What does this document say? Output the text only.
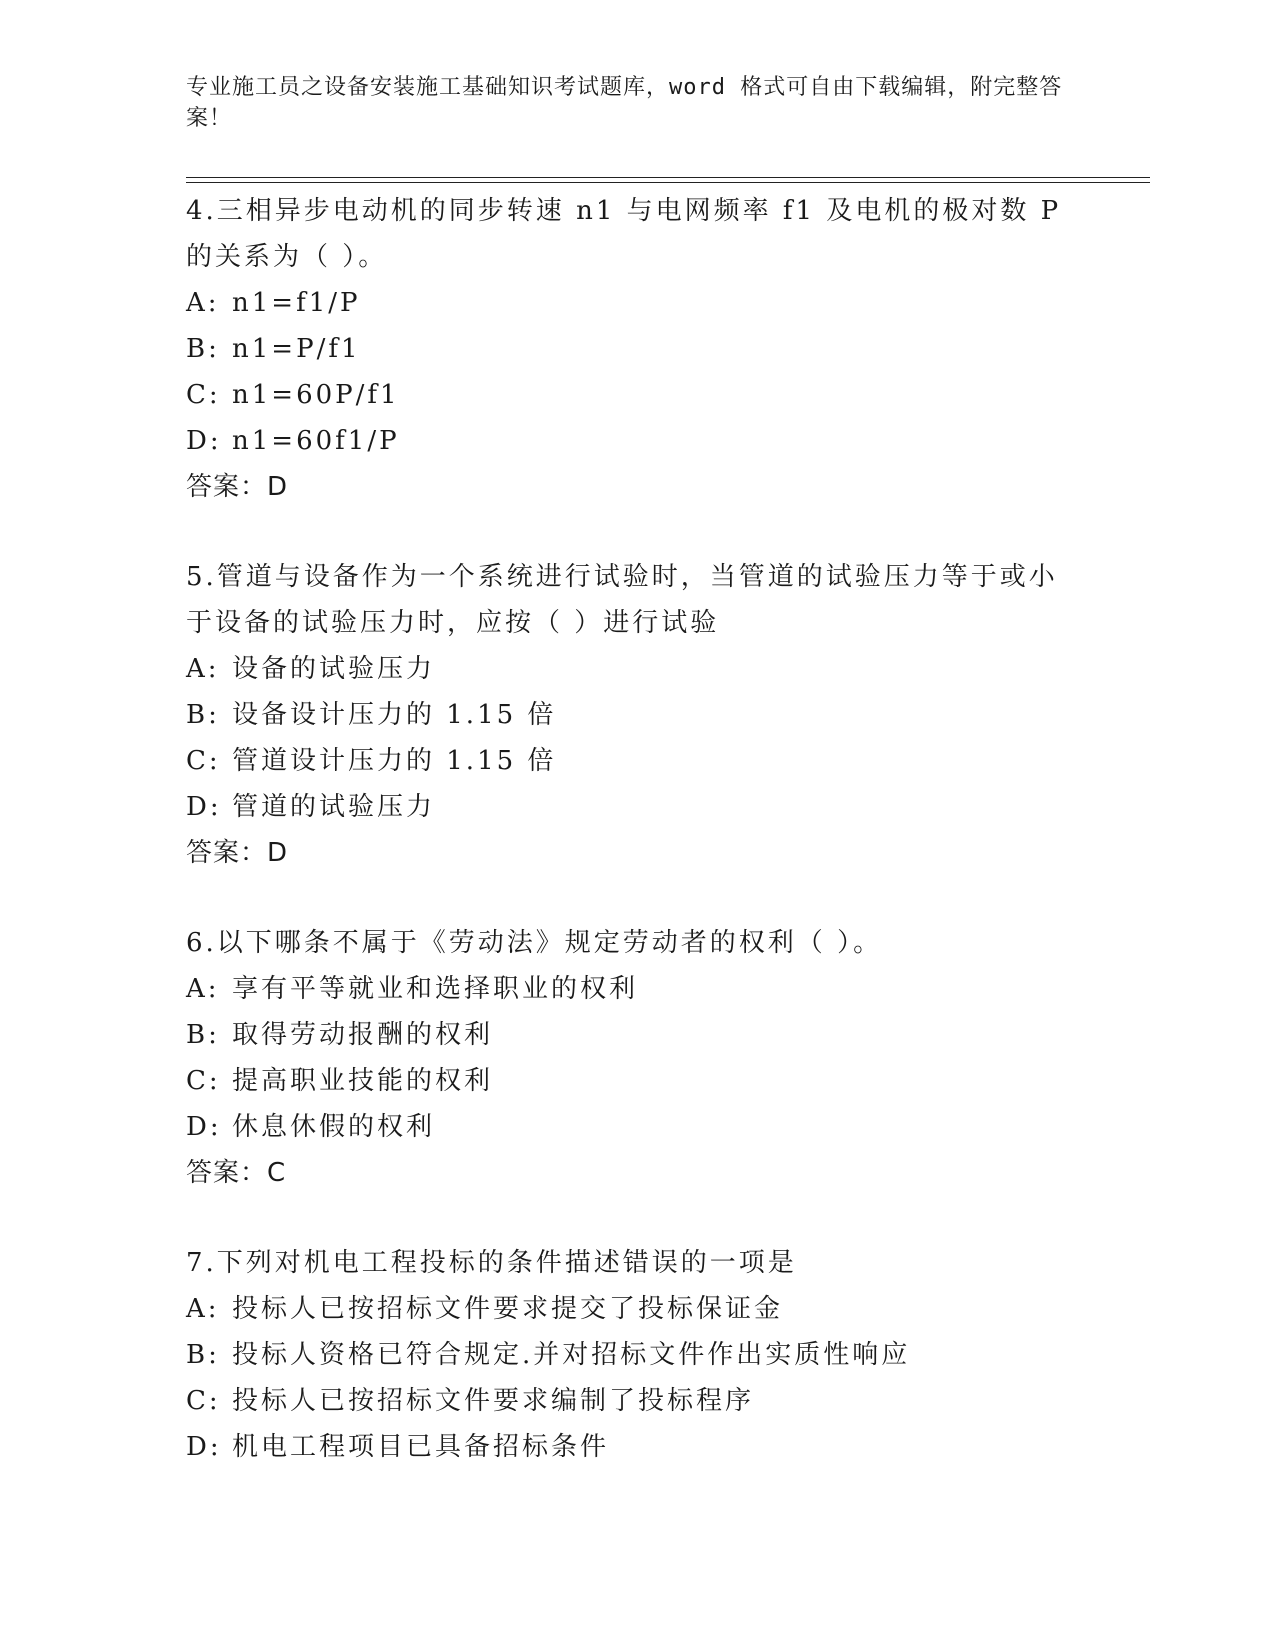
专业施工员之设备安装施工基础知识考试题库，word 格式可自由下载编辑，附完整答案！

4.三相异步电动机的同步转速 n1 与电网频率 f1 及电机的极对数 P 的关系为（ ）。

A: n1=f1/P

B: n1=P/f1

C: n1=60P/f1

D: n1=60f1/P

答案：D

5.管道与设备作为一个系统进行试验时，当管道的试验压力等于或小于设备的试验压力时，应按（ ）进行试验

A: 设备的试验压力

B: 设备设计压力的 1.15 倍

C: 管道设计压力的 1.15 倍

D: 管道的试验压力

答案：D

6.以下哪条不属于《劳动法》规定劳动者的权利（ ）。

A: 享有平等就业和选择职业的权利

B: 取得劳动报酬的权利

C: 提高职业技能的权利

D: 休息休假的权利

答案：C

7.下列对机电工程投标的条件描述错误的一项是

A: 投标人已按招标文件要求提交了投标保证金

B: 投标人资格已符合规定.并对招标文件作出实质性响应

C: 投标人已按招标文件要求编制了投标程序

D: 机电工程项目已具备招标条件
